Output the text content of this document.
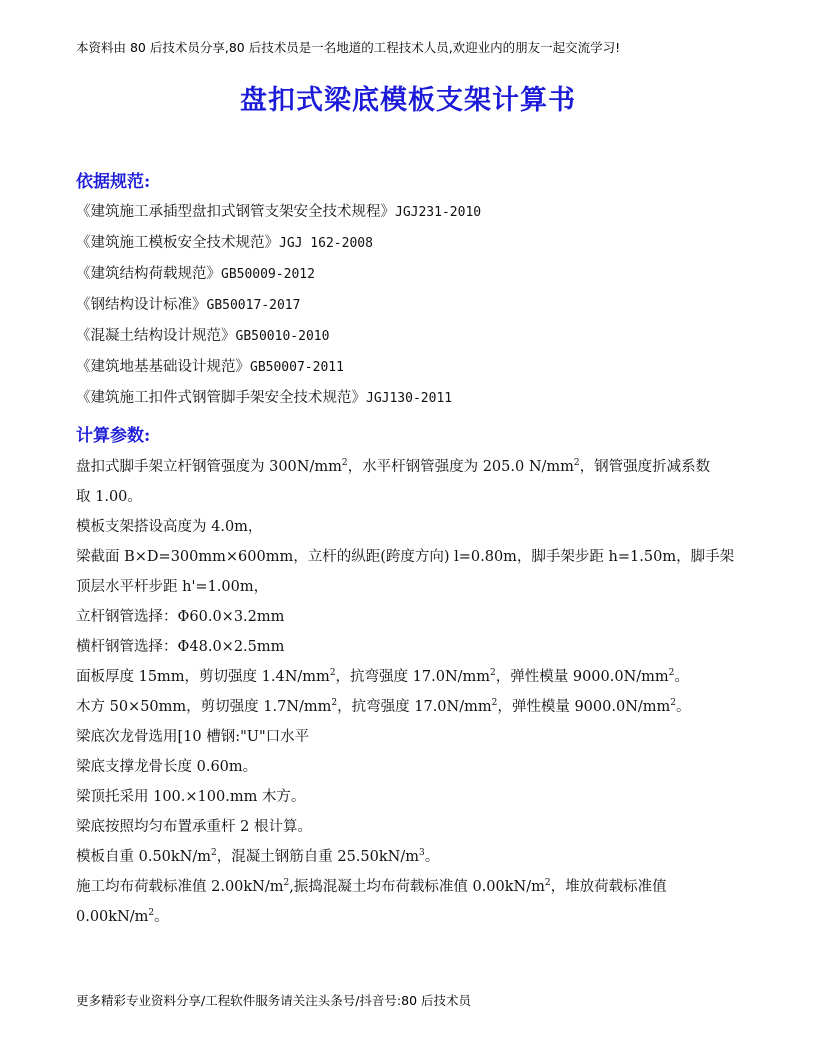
本资料由 80 后技术员分享,80 后技术员是一名地道的工程技术人员,欢迎业内的朋友一起交流学习!
盘扣式梁底模板支架计算书
依据规范:
《建筑施工承插型盘扣式钢管支架安全技术规程》JGJ231-2010
《建筑施工模板安全技术规范》JGJ 162-2008
《建筑结构荷载规范》GB50009-2012
《钢结构设计标准》GB50017-2017
《混凝土结构设计规范》GB50010-2010
《建筑地基基础设计规范》GB50007-2011
《建筑施工扣件式钢管脚手架安全技术规范》JGJ130-2011
计算参数:
盘扣式脚手架立杆钢管强度为 $300N/mm^2$，水平杆钢管强度为 205.0 $N/mm^2$，钢管强度折减系数
取 1.00。
模板支架搭设高度为 4.0m，
梁截面 B×D=300mm×600mm，立杆的纵距(跨度方向) l=0.80m，脚手架步距 h=1.50m，脚手架
顶层水平杆步距 h'=1.00m，
立杆钢管选择：Φ60.0×3.2mm
横杆钢管选择：Φ48.0×2.5mm
面板厚度 15mm，剪切强度 $1.4N/mm^2$，抗弯强度 $17.0N/mm^2$，弹性模量 $9000.0N/mm^2$。
木方 50×50mm，剪切强度 $1.7N/mm^2$，抗弯强度 $17.0N/mm^2$，弹性模量 $9000.0N/mm^2$。
梁底次龙骨选用[10 槽钢:"U"口水平
梁底支撑龙骨长度 0.60m。
梁顶托采用 100.×100.mm 木方。
梁底按照均匀布置承重杆 2 根计算。
模板自重 $0.50kN/m^2$，混凝土钢筋自重 $25.50kN/m^3$。
施工均布荷载标准值 $2.00kN/m^2$,振捣混凝土均布荷载标准值 $0.00kN/m^2$，堆放荷载标准值
$0.00kN/m^2$。
更多精彩专业资料分享/工程软件服务请关注头条号/抖音号:80 后技术员
